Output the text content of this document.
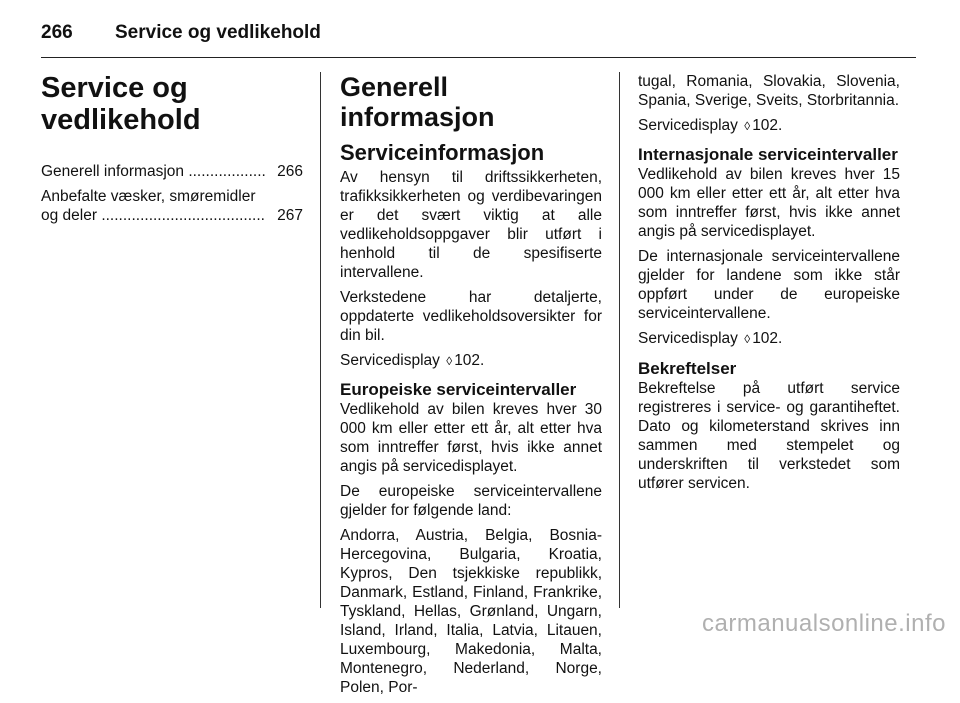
266 Service og vedlikehold
Service og
vedlikehold
Generell informasjon .................. 266
Anbefalte væsker, smøremidler
og deler ...................................... 267
Generell informasjon
Serviceinformasjon

Av hensyn til driftssikkerheten, trafikksikkerheten og verdibevaringen er det svært viktig at alle vedlikeholdsoppgaver blir utført i henhold til de spesifiserte intervallene.

Verkstedene har detaljerte, oppdaterte vedlikeholdsoversikter for din bil.

Servicedisplay ◊ 102.

Europeiske serviceintervaller

Vedlikehold av bilen kreves hver 30 000 km eller etter ett år, alt etter hva som inntreffer først, hvis ikke annet angis på servicedisplayet.

De europeiske serviceintervallene gjelder for følgende land:

Andorra, Austria, Belgia, Bosnia-Hercegovina, Bulgaria, Kroatia, Kypros, Den tsjekkiske republikk, Danmark, Estland, Finland, Frankrike, Tyskland, Hellas, Grønland, Ungarn, Island, Irland, Italia, Latvia, Litauen, Luxembourg, Makedonia, Malta, Montenegro, Nederland, Norge, Polen, Por-

tugal, Romania, Slovakia, Slovenia, Spania, Sverige, Sveits, Storbritannia.

Servicedisplay ◊ 102.

Internasjonale serviceintervaller

Vedlikehold av bilen kreves hver 15 000 km eller etter ett år, alt etter hva som inntreffer først, hvis ikke annet angis på servicedisplayet.

De internasjonale serviceintervallene gjelder for landene som ikke står oppført under de europeiske serviceintervallene.

Servicedisplay ◊ 102.

Bekreftelser

Bekreftelse på utført service registreres i service- og garantiheftet. Dato og kilometerstand skrives inn sammen med stempelet og underskriften til verkstedet som utfører servicen.

carmanualsonline.info
